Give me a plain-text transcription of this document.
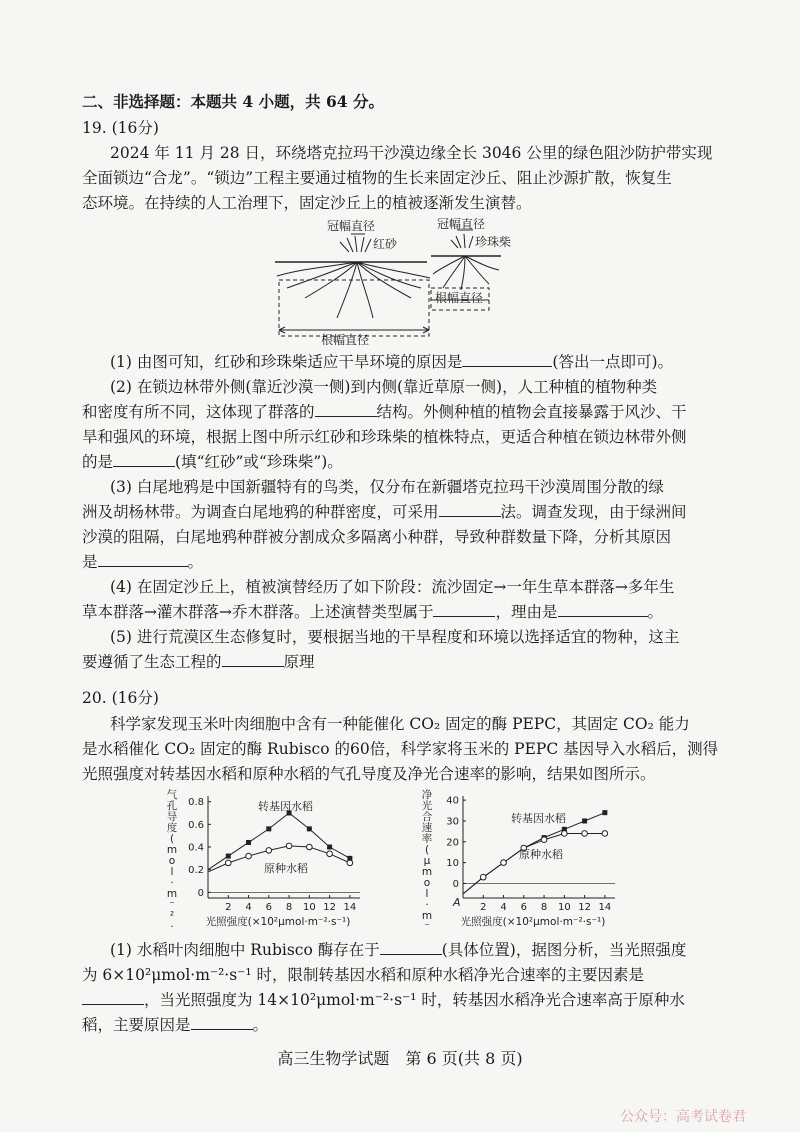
二、非选择题：本题共 4 小题，共 64 分。
19. (16分)
2024 年 11 月 28 日，环绕塔克拉玛干沙漠边缘全长 3046 公里的绿色阻沙防护带实现
全面锁边“合龙”。“锁边”工程主要通过植物的生长来固定沙丘、阻止沙源扩散，恢复生
态环境。在持续的人工治理下，固定沙丘上的植被逐渐发生演替。
冠幅直径
红砂
冠幅直径
珍珠柴
根幅直径
根幅直径
(1) 由图可知，红砂和珍珠柴适应干旱环境的原因是	(答出一点即可)。
(2) 在锁边林带外侧(靠近沙漠一侧)到内侧(靠近草原一侧)，人工种植的植物种类
和密度有所不同，这体现了群落的	结构。外侧种植的植物会直接暴露于风沙、干
旱和强风的环境，根据上图中所示红砂和珍珠柴的植株特点，更适合种植在锁边林带外侧
的是	(填“红砂”或“珍珠柴”)。
(3) 白尾地鸦是中国新疆特有的鸟类，仅分布在新疆塔克拉玛干沙漠周围分散的绿
洲及胡杨林带。为调查白尾地鸦的种群密度，可采用	法。调查发现，由于绿洲间
沙漠的阻隔，白尾地鸦种群被分割成众多隔离小种群，导致种群数量下降，分析其原因
是	。
(4) 在固定沙丘上，植被演替经历了如下阶段：流沙固定→一年生草本群落→多年生
草本群落→灌木群落→乔木群落。上述演替类型属于	，理由是	。
(5) 进行荒漠区生态修复时，要根据当地的干旱程度和环境以选择适宜的物种，这主
要遵循了生态工程的	原理
20. (16分)
科学家发现玉米叶肉细胞中含有一种能催化 CO₂ 固定的酶 PEPC，其固定 CO₂ 能力
是水稻催化 CO₂ 固定的酶 Rubisco 的60倍，科学家将玉米的 PEPC 基因导入水稻后，测得
光照强度对转基因水稻和原种水稻的气孔导度及净光合速率的影响，结果如图所示。
2 4 6 8 10 12 14
0
0.2
0.4
0.6
0.8
光照强度(×10²μmol·m⁻²·s⁻¹)
气孔导度( m o l · m ⁻ ² ·
转基因水稻
原种水稻
2 4 6 8 10 12 14
0
10
20
30
40
光照强度(×10²μmol·m⁻²·s⁻¹)
净光合速率( μ m o l · m ⁻
A
转基因水稻
原种水稻
(1) 水稻叶肉细胞中 Rubisco 酶存在于	(具体位置)，据图分析，当光照强度
为 6×10²μmol·m⁻²·s⁻¹ 时，限制转基因水稻和原种水稻净光合速率的主要因素是
，当光照强度为 14×10²μmol·m⁻²·s⁻¹ 时，转基因水稻净光合速率高于原种水
稻，主要原因是	。
高三生物学试题　第 6 页(共 8 页)
公众号：高考试卷君
